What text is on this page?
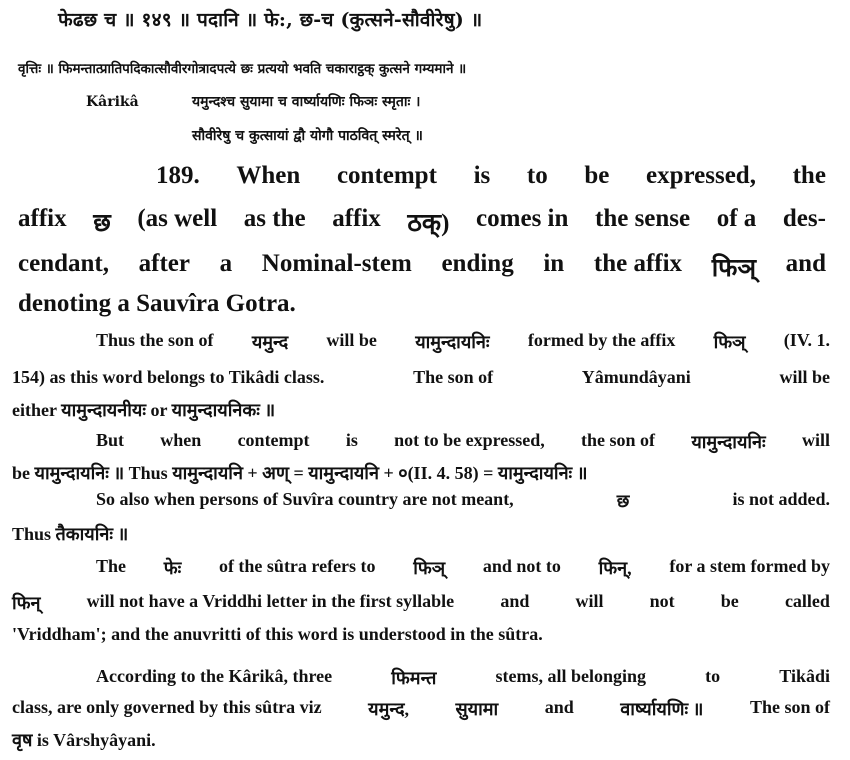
फेढछ च ॥ १४९ ॥ पदानि ॥ फे:, छ-च (कुत्सने-सौवीरेषु) ॥
वृत्तिः ॥ फिमन्तात्प्रातिपदिकात्सौवीरगोत्रादपत्ये छः प्रत्ययो भवति चकाराट्ठक् कुत्सने गम्यमाने ॥
Kârikâ	यमुन्दश्च सुयामा च वार्ष्यायणिः फिञः स्मृताः ।
सौवीरेषु च कुत्सायां द्वौ योगौ पाठवित् स्मरेत् ॥
189. When contempt is to be expressed, the
affix छ (as well as the affix ठक्) comes in the sense of a des-
cendant, after a Nominal-stem ending in the affix फिञ् and
denoting a Sauvîra Gotra.
Thus the son of यमुन्द will be यामुन्दायनिः formed by the affix फिञ् (IV. 1.
154) as this word belongs to Tikâdi class.	The son of	Yâmundâyani	will be
either यामुन्दायनीयः or यामुन्दायनिकः ॥
But when contempt is not to be expressed, the son of यामुन्दायनिः will
be यामुन्दायनिः ॥ Thus यामुन्दायनि + अण् = यामुन्दायनि + ०(II. 4. 58) = यामुन्दायनिः ॥
So also when persons of Suvîra country are not meant,	छ	is not added.
Thus तैकायनिः ॥
The फेः of the sûtra refers to फिञ् and not to फिन्, for a stem formed by
फिन्	will not have a Vriddhi letter in the first syllable	and	will	not	be	called
'Vriddham'; and the anuvritti of this word is understood in the sûtra.
According to the Kârikâ, three	फिमन्त	stems, all belonging	to	Tikâdi
class, are only governed by this sûtra viz	यमुन्द,	सुयामा	and	वार्ष्यायणिः ॥	The son of
वृष is Vârshyâyani.
